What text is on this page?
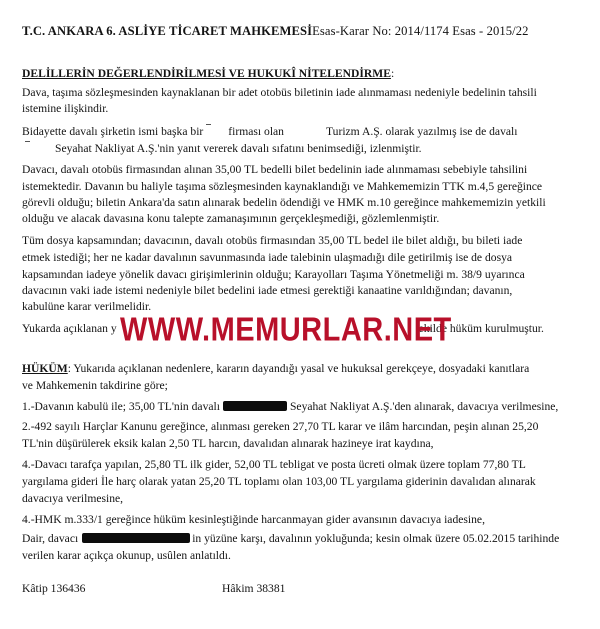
T.C. ANKARA 6. ASLİYE TİCARET MAHKEMESİEsas-Karar No: 2014/1174 Esas - 2015/22
DELİLLERİN DEĞERLENDİRİLMESİ VE HUKUKÎ NİTELENDİRME:
Dava, taşıma sözleşmesinden kaynaklanan bir adet otobüs biletinin iade alınmaması nedeniyle bedelinin tahsili
istemine ilişkindir.
Bidayette davalı şirketin ismi başka bir firması olan	Turizm A.Ş. olarak yazılmış ise de davalı
Seyahat Nakliyat A.Ş.'nin yanıt vererek davalı sıfatını benimsediği, izlenmiştir.
Davacı, davalı otobüs firmasından alınan 35,00 TL bedelli bilet bedelinin iade alınmaması sebebiyle tahsilini
istemektedir. Davanın bu haliyle taşıma sözleşmesinden kaynaklandığı ve Mahkememizin TTK m.4,5 gereğince
görevli olduğu; biletin Ankara'da satın alınarak bedelin ödendiği ve HMK m.10 gereğince mahkememizin yetkili
olduğu ve alacak davasına konu talepte zamanaşımının gerçekleşmediği, gözlemlenmiştir.
Tüm dosya kapsamından; davacının, davalı otobüs firmasından 35,00 TL bedel ile bilet aldığı, bu bileti iade
etmek istediği; her ne kadar davalının savunmasında iade talebinin ulaşmadığı dile getirilmiş ise de dosya
kapsamından iadeye yönelik davacı girişimlerinin olduğu; Karayolları Taşıma Yönetmeliği m. 38/9 uyarınca
davacının vaki iade istemi nedeniyle bilet bedelini iade etmesi gerektiği kanaatine varıldığından; davanın,
kabulüne karar verilmelidir.
Yukarda açıklanan y	ekilde hüküm kurulmuştur.
WWW.MEMURLAR.NET
HÜKÜM: Yukarıda açıklanan nedenlere, kararın dayandığı yasal ve hukuksal gerekçeye, dosyadaki kanıtlara
ve Mahkemenin takdirine göre;
1.-Davanın kabulü ile; 35,00 TL'nin davalı	Seyahat Nakliyat A.Ş.'den alınarak, davacıya verilmesine,
2.-492 sayılı Harçlar Kanunu gereğince, alınması gereken 27,70 TL karar ve ilâm harcından, peşin alınan 25,20
TL'nin düşürülerek eksik kalan 2,50 TL harcın, davalıdan alınarak hazineye irat kaydına,
4.-Davacı tarafça yapılan, 25,80 TL ilk gider, 52,00 TL tebligat ve posta ücreti olmak üzere toplam 77,80 TL
yargılama gideri İle harç olarak yatan 25,20 TL toplamı olan 103,00 TL yargılama giderinin davalıdan alınarak
davacıya verilmesine,
4.-HMK m.333/1 gereğince hüküm kesinleştiğinde harcanmayan gider avansının davacıya iadesine,
Dair, davacı	in yüzüne karşı, davalının yokluğunda; kesin olmak üzere 05.02.2015 tarihinde
verilen karar açıkça okunup, usûlen anlatıldı.
Kâtip 136436	Hâkim 38381
